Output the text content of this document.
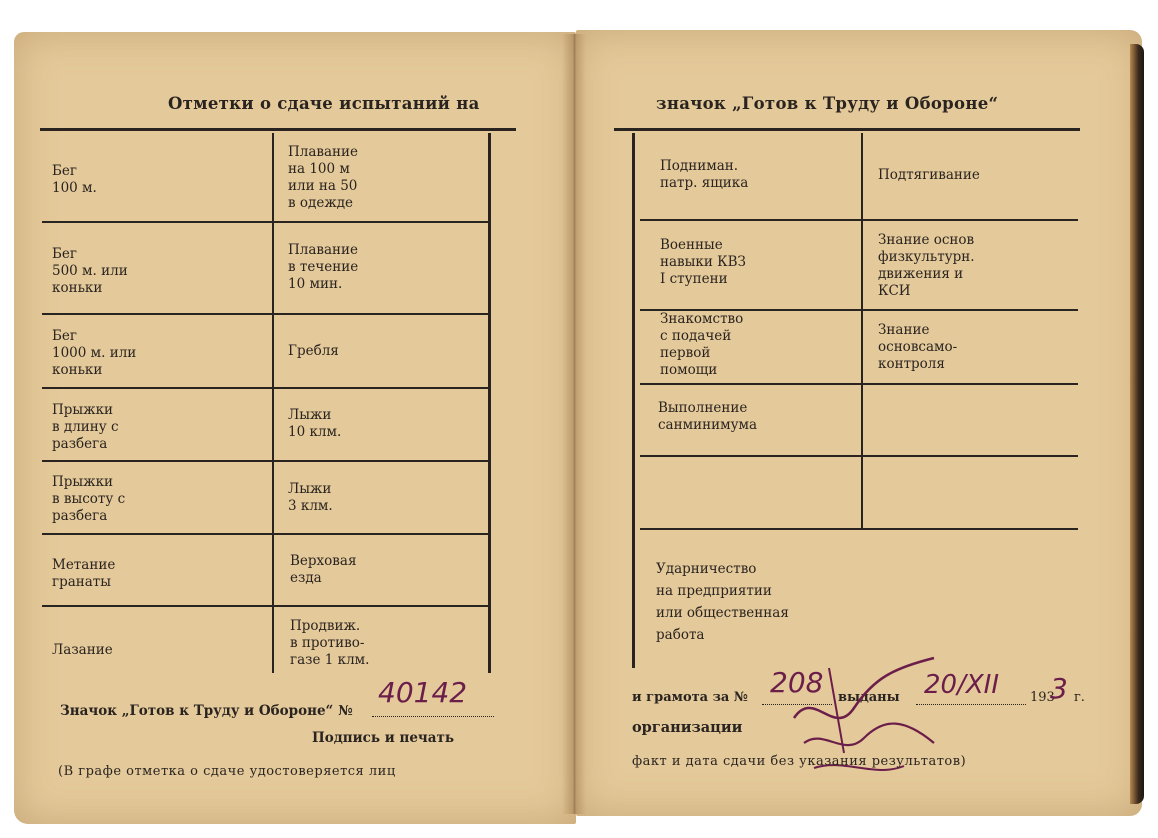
Отметки о сдаче испытаний на
Бег
100 м.
Плавание
на 100 м
или на 50
в одежде
Бег
500 м. или
коньки
Плавание
в течение
10 мин.
Бег
1000 м. или
коньки
Гребля
Прыжки
в длину с
разбега
Лыжи
10 клм.
Прыжки
в высоту с
разбега
Лыжи
3 клм.
Метание
гранаты
Верховая
езда
Лазание
Продвиж.
в противо-
газе 1 клм.
Значок „Готов к Труду и Обороне“ №
40142
Подпись и печать
(В графе отметка о сдаче удостоверяется лиц
значок „Готов к Труду и Обороне“
Подниман.
патр. ящика	Подтягивание
Военные
навыки КВЗ
I ступени
Знание основ
физкультурн.
движения и
КСИ
Знакомство
с подачей
первой
помощи
Знание
основсамо-
контроля
Выполнение
санминимума
Ударничество
на предприятии
или общественная работа
и грамота за № 208 выданы 20/XII 193
3 г.
организации
факт и дата сдачи без указания результатов)
